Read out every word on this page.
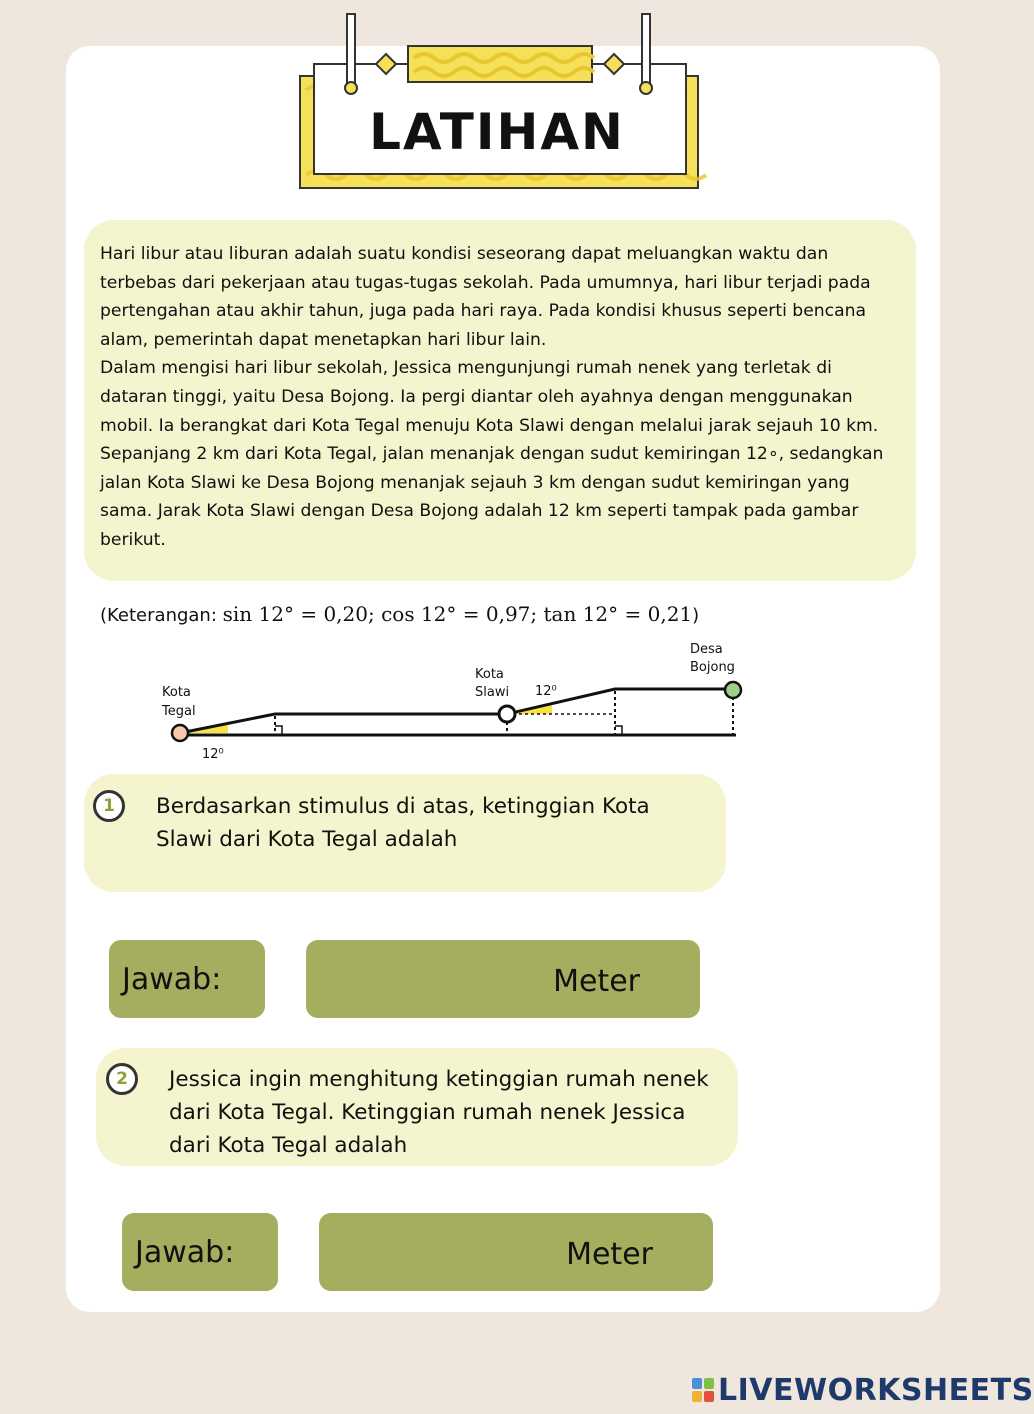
LATIHAN

Hari libur atau liburan adalah suatu kondisi seseorang dapat meluangkan waktu dan terbebas dari pekerjaan atau tugas-tugas sekolah. Pada umumnya, hari libur terjadi pada pertengahan atau akhir tahun, juga pada hari raya. Pada kondisi khusus seperti bencana alam, pemerintah dapat menetapkan hari libur lain.

Dalam mengisi hari libur sekolah, Jessica mengunjungi rumah nenek yang terletak di dataran tinggi, yaitu Desa Bojong. Ia pergi diantar oleh ayahnya dengan menggunakan mobil. Ia berangkat dari Kota Tegal menuju Kota Slawi dengan melalui jarak sejauh 10 km. Sepanjang 2 km dari Kota Tegal, jalan menanjak dengan sudut kemiringan 12∘, sedangkan jalan Kota Slawi ke Desa Bojong menanjak sejauh 3 km dengan sudut kemiringan yang sama. Jarak Kota Slawi dengan Desa Bojong adalah 12 km seperti tampak pada gambar berikut.

(Keterangan: sin 12° = 0,20; cos 12° = 0,97; tan 12° = 0,21)
Kota
Tegal
12⁰
Kota
Slawi 12⁰
Desa
Bojong
1	Berdasarkan stimulus di atas, ketinggian Kota
Slawi dari Kota Tegal adalah
Jawab:	Meter
2	Jessica ingin menghitung ketinggian rumah nenek
dari Kota Tegal. Ketinggian rumah nenek Jessica
dari Kota Tegal adalah
Jawab:	Meter
LIVEWORKSHEETS
